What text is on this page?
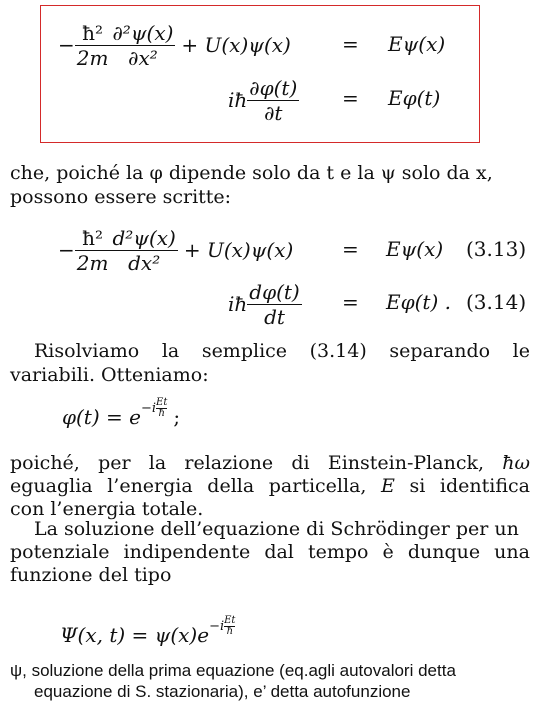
− $\frac{\text{ħ²}}{2m} \frac{\text{∂²ψ(x)}}{\text{∂x²}} + U(x)\psi(x)$	= Eψ(x)
iħ $\frac{\partial\varphi(t)}{\partial t} = E\varphi(t)$
che, poiché la φ dipende solo da t e la ψ solo da x,
possono essere scritte:
− $\frac{\text{ħ²}}{2m} \frac{\text{d²ψ(x)}}{\text{dx²}} + U(x)\psi(x) = E\psi(x)$ (3.13)
iħ $\frac{d\varphi(t)}{dt} = E\varphi(t)$ . (3.14)
Risolviamo la semplice (3.14) separando le
variabili. Otteniamo:
$\varphi(t) = e -i \frac{Et}{ħ}$ ;
poiché, per la relazione di Einstein-Planck, ħω
eguaglia l’energia della particella, E si identifica
con l’energia totale.
La soluzione dell’equazione di Schrödinger per un
potenziale indipendente dal tempo è dunque una
funzione del tipo
Ψ(x, $t) = \psi(x)e -i \frac{Et}{ħ}$
ψ, soluzione della prima equazione (eq.agli autovalori detta
equazione di S. stazionaria), e’ detta autofunzione
